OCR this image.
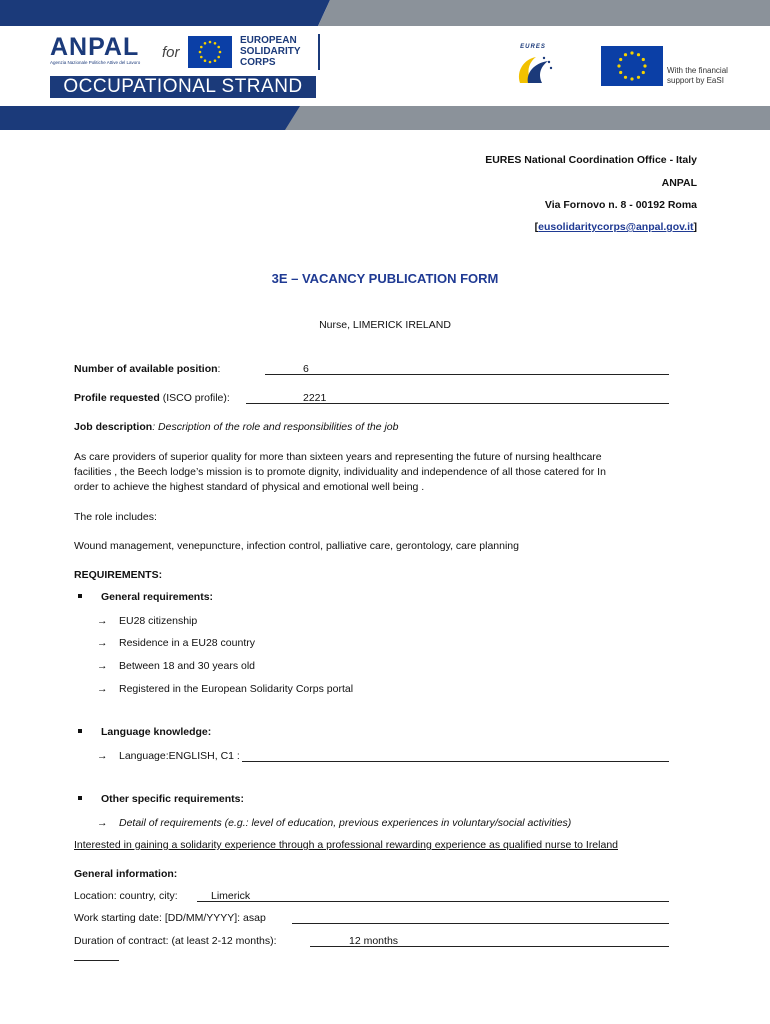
ANPAL
Agenzia Nazionale Politiche Attive del Lavoro
for
EUROPEAN
SOLIDARITY
CORPS
OCCUPATIONAL STRAND
EURES
With the financial support by EaSI
EURES National Coordination Office - Italy
ANPAL
Via Fornovo n. 8 - 00192 Roma
[eusolidaritycorps@anpal.gov.it]
3E – VACANCY PUBLICATION FORM
Nurse, LIMERICK IRELAND
Number of available position:	6
Profile requested (ISCO profile):	2221
Job description: Description of the role and responsibilities of the job
As care providers of superior quality for more than sixteen years and representing the future of nursing healthcare
facilities , the Beech lodge’s mission is to promote dignity, individuality and independence of all those catered for In
order to achieve the highest standard of physical and emotional well being .
The role includes:
Wound management, venepuncture, infection control, palliative care, gerontology, care planning
REQUIREMENTS:
General requirements:
→ EU28 citizenship
→ Residence in a EU28 country
→ Between 18 and 30 years old
→ Registered in the European Solidarity Corps portal
Language knowledge:
→ Language:ENGLISH, C1 :
Other specific requirements:
→ Detail of requirements (e.g.: level of education, previous experiences in voluntary/social activities)
Interested in gaining a solidarity experience through a professional rewarding experience as qualified nurse to Ireland
General information:
Location: country, city:	Limerick
Work starting date: [DD/MM/YYYY]: asap
Duration of contract: (at least 2-12 months):	12 months
